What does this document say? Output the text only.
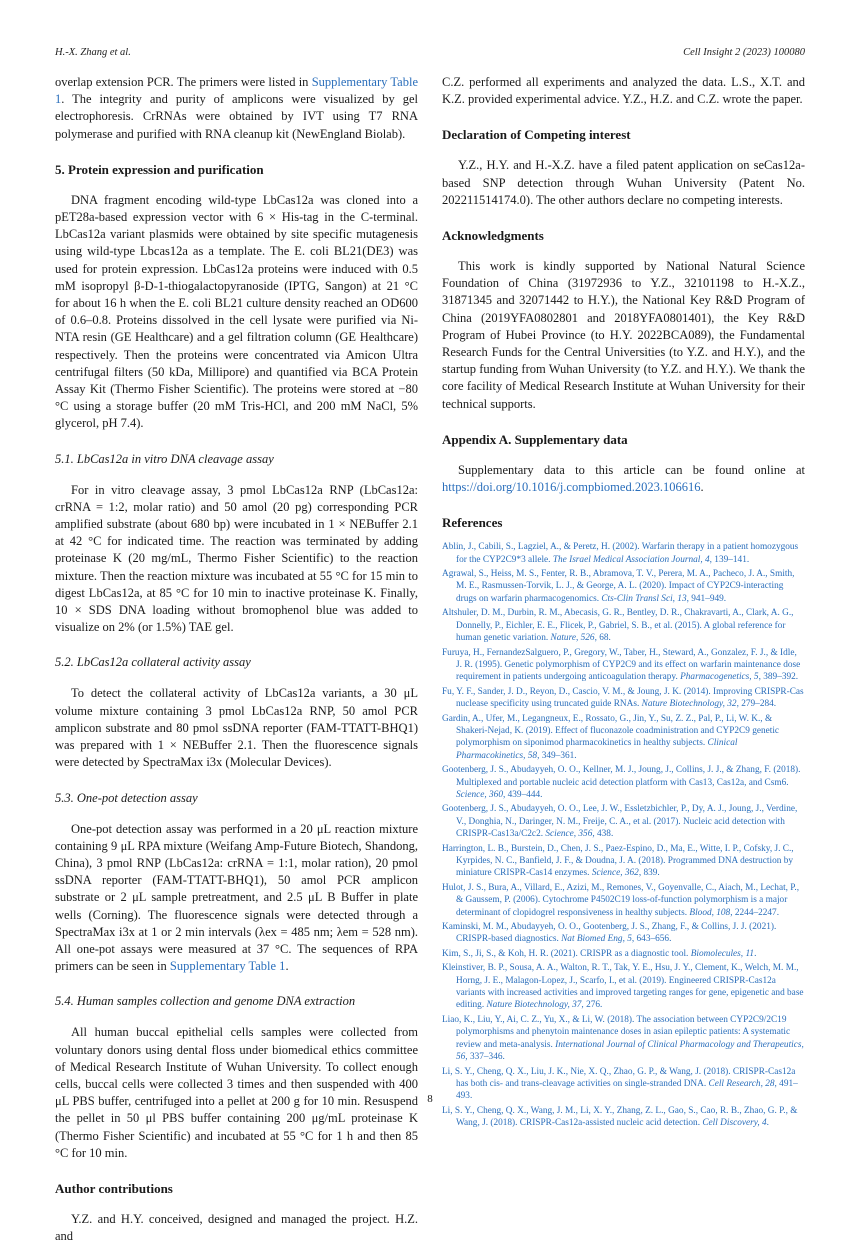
H.-X. Zhang et al.	Cell Insight 2 (2023) 100080

overlap extension PCR. The primers were listed in Supplementary Table 1. The integrity and purity of amplicons were visualized by gel electrophoresis. CrRNAs were obtained by IVT using T7 RNA polymerase and purified with RNA cleanup kit (NewEngland Biolab).

5. Protein expression and purification

DNA fragment encoding wild-type LbCas12a was cloned into a pET28a-based expression vector with 6 × His-tag in the C-terminal. LbCas12a variant plasmids were obtained by site specific mutagenesis using wild-type Lbcas12a as a template. The E. coli BL21(DE3) was used for protein expression. LbCas12a proteins were induced with 0.5 mM isopropyl β-D-1-thiogalactopyranoside (IPTG, Sangon) at 21 °C for about 16 h when the E. coli BL21 culture density reached an OD600 of 0.6–0.8. Proteins dissolved in the cell lysate were purified via Ni-NTA resin (GE Healthcare) and a gel filtration column (GE Healthcare) respectively. Then the proteins were concentrated via Amicon Ultra centrifugal filters (50 kDa, Millipore) and quantified via BCA Protein Assay Kit (Thermo Fisher Scientific). The proteins were stored at −80 °C using a storage buffer (20 mM Tris-HCl, and 200 mM NaCl, 5% glycerol, pH 7.4).

5.1. LbCas12a in vitro DNA cleavage assay

For in vitro cleavage assay, 3 pmol LbCas12a RNP (LbCas12a: crRNA = 1:2, molar ratio) and 50 amol (20 pg) corresponding PCR amplified substrate (about 680 bp) were incubated in 1 × NEBuffer 2.1 at 42 °C for indicated time. The reaction was terminated by adding proteinase K (20 mg/mL, Thermo Fisher Scientific) to the reaction mixture. Then the reaction mixture was incubated at 55 °C for 15 min to digest LbCas12a, at 85 °C for 10 min to inactive proteinase K. Finally, 10 × SDS DNA loading without bromophenol blue was added to visualize on 2% (or 1.5%) TAE gel.

5.2. LbCas12a collateral activity assay

To detect the collateral activity of LbCas12a variants, a 30 μL volume mixture containing 3 pmol LbCas12a RNP, 50 amol PCR amplicon substrate and 80 pmol ssDNA reporter (FAM-TTATT-BHQ1) was prepared with 1 × NEBuffer 2.1. Then the fluorescence signals were detected by SpectraMax i3x (Molecular Devices).

5.3. One-pot detection assay

One-pot detection assay was performed in a 20 μL reaction mixture containing 9 μL RPA mixture (Weifang Amp-Future Biotech, Shandong, China), 3 pmol RNP (LbCas12a: crRNA = 1:1, molar ration), 20 pmol ssDNA reporter (FAM-TTATT-BHQ1), 50 amol PCR amplicon substrate or 2 μL sample pretreatment, and 2.5 μL B Buffer in plate wells (Corning). The fluorescence signals were detected through a SpectraMax i3x at 1 or 2 min intervals (λex = 485 nm; λem = 528 nm). All one-pot assays were measured at 37 °C. The sequences of RPA primers can be seen in Supplementary Table 1.

5.4. Human samples collection and genome DNA extraction

All human buccal epithelial cells samples were collected from voluntary donors using dental floss under biomedical ethics committee of Medical Research Institute of Wuhan University. To collect enough cells, buccal cells were collected 3 times and then suspended with 400 μL PBS buffer, centrifuged into a pellet at 200 g for 10 min. Resuspend the pellet in 50 μl PBS buffer containing 200 μg/mL proteinase K (Thermo Fisher Scientific) and incubated at 55 °C for 1 h and then 85 °C for 10 min.

Author contributions

Y.Z. and H.Y. conceived, designed and managed the project. H.Z. and

C.Z. performed all experiments and analyzed the data. L.S., X.T. and K.Z. provided experimental advice. Y.Z., H.Z. and C.Z. wrote the paper.

Declaration of Competing interest

Y.Z., H.Y. and H.-X.Z. have a filed patent application on seCas12a-based SNP detection through Wuhan University (Patent No. 202211514174.0). The other authors declare no competing interests.

Acknowledgments

This work is kindly supported by National Natural Science Foundation of China (31972936 to Y.Z., 32101198 to H.-X.Z., 31871345 and 32071442 to H.Y.), the National Key R&D Program of China (2019YFA0802801 and 2018YFA0801401), the Key R&D Program of Hubei Province (to H.Y. 2022BCA089), the Fundamental Research Funds for the Central Universities (to Y.Z. and H.Y.), and the startup funding from Wuhan University (to Y.Z. and H.Y.). We thank the core facility of Medical Research Institute at Wuhan University for their technical supports.

Appendix A. Supplementary data

Supplementary data to this article can be found online at https://doi.org/10.1016/j.compbiomed.2023.106616.

References
Ablin, J., Cabili, S., Lagziel, A., & Peretz, H. (2002). Warfarin therapy in a patient homozygous for the CYP2C9*3 allele. The Israel Medical Association Journal, 4, 139–141.
Agrawal, S., Heiss, M. S., Fenter, R. B., Abramova, T. V., Perera, M. A., Pacheco, J. A., Smith, M. E., Rasmussen-Torvik, L. J., & George, A. L. (2020). Impact of CYP2C9-interacting drugs on warfarin pharmacogenomics. Cts-Clin Transl Sci, 13, 941–949.
Altshuler, D. M., Durbin, R. M., Abecasis, G. R., Bentley, D. R., Chakravarti, A., Clark, A. G., Donnelly, P., Eichler, E. E., Flicek, P., Gabriel, S. B., et al. (2015). A global reference for human genetic variation. Nature, 526, 68.
Furuya, H., FernandezSalguero, P., Gregory, W., Taber, H., Steward, A., Gonzalez, F. J., & Idle, J. R. (1995). Genetic polymorphism of CYP2C9 and its effect on warfarin maintenance dose requirement in patients undergoing anticoagulation therapy. Pharmacogenetics, 5, 389–392.
Fu, Y. F., Sander, J. D., Reyon, D., Cascio, V. M., & Joung, J. K. (2014). Improving CRISPR-Cas nuclease specificity using truncated guide RNAs. Nature Biotechnology, 32, 279–284.
Gardin, A., Ufer, M., Legangneux, E., Rossato, G., Jin, Y., Su, Z. Z., Pal, P., Li, W. K., & Shakeri-Nejad, K. (2019). Effect of fluconazole coadministration and CYP2C9 genetic polymorphism on siponimod pharmacokinetics in healthy subjects. Clinical Pharmacokinetics, 58, 349–361.
Gootenberg, J. S., Abudayyeh, O. O., Kellner, M. J., Joung, J., Collins, J. J., & Zhang, F. (2018). Multiplexed and portable nucleic acid detection platform with Cas13, Cas12a, and Csm6. Science, 360, 439–444.
Gootenberg, J. S., Abudayyeh, O. O., Lee, J. W., Essletzbichler, P., Dy, A. J., Joung, J., Verdine, V., Donghia, N., Daringer, N. M., Freije, C. A., et al. (2017). Nucleic acid detection with CRISPR-Cas13a/C2c2. Science, 356, 438.
Harrington, L. B., Burstein, D., Chen, J. S., Paez-Espino, D., Ma, E., Witte, I. P., Cofsky, J. C., Kyrpides, N. C., Banfield, J. F., & Doudna, J. A. (2018). Programmed DNA destruction by miniature CRISPR-Cas14 enzymes. Science, 362, 839.
Hulot, J. S., Bura, A., Villard, E., Azizi, M., Remones, V., Goyenvalle, C., Aiach, M., Lechat, P., & Gaussem, P. (2006). Cytochrome P4502C19 loss-of-function polymorphism is a major determinant of clopidogrel responsiveness in healthy subjects. Blood, 108, 2244–2247.
Kaminski, M. M., Abudayyeh, O. O., Gootenberg, J. S., Zhang, F., & Collins, J. J. (2021). CRISPR-based diagnostics. Nat Biomed Eng, 5, 643–656.
Kim, S., Ji, S., & Koh, H. R. (2021). CRISPR as a diagnostic tool. Biomolecules, 11.
Kleinstiver, B. P., Sousa, A. A., Walton, R. T., Tak, Y. E., Hsu, J. Y., Clement, K., Welch, M. M., Horng, J. E., Malagon-Lopez, J., Scarfo, I., et al. (2019). Engineered CRISPR-Cas12a variants with increased activities and improved targeting ranges for gene, epigenetic and base editing. Nature Biotechnology, 37, 276.
Liao, K., Liu, Y., Ai, C. Z., Yu, X., & Li, W. (2018). The association between CYP2C9/2C19 polymorphisms and phenytoin maintenance doses in asian epileptic patients: A systematic review and meta-analysis. International Journal of Clinical Pharmacology and Therapeutics, 56, 337–346.
Li, S. Y., Cheng, Q. X., Liu, J. K., Nie, X. Q., Zhao, G. P., & Wang, J. (2018). CRISPR-Cas12a has both cis- and trans-cleavage activities on single-stranded DNA. Cell Research, 28, 491–493.
Li, S. Y., Cheng, Q. X., Wang, J. M., Li, X. Y., Zhang, Z. L., Gao, S., Cao, R. B., Zhao, G. P., & Wang, J. (2018). CRISPR-Cas12a-assisted nucleic acid detection. Cell Discovery, 4.
8
